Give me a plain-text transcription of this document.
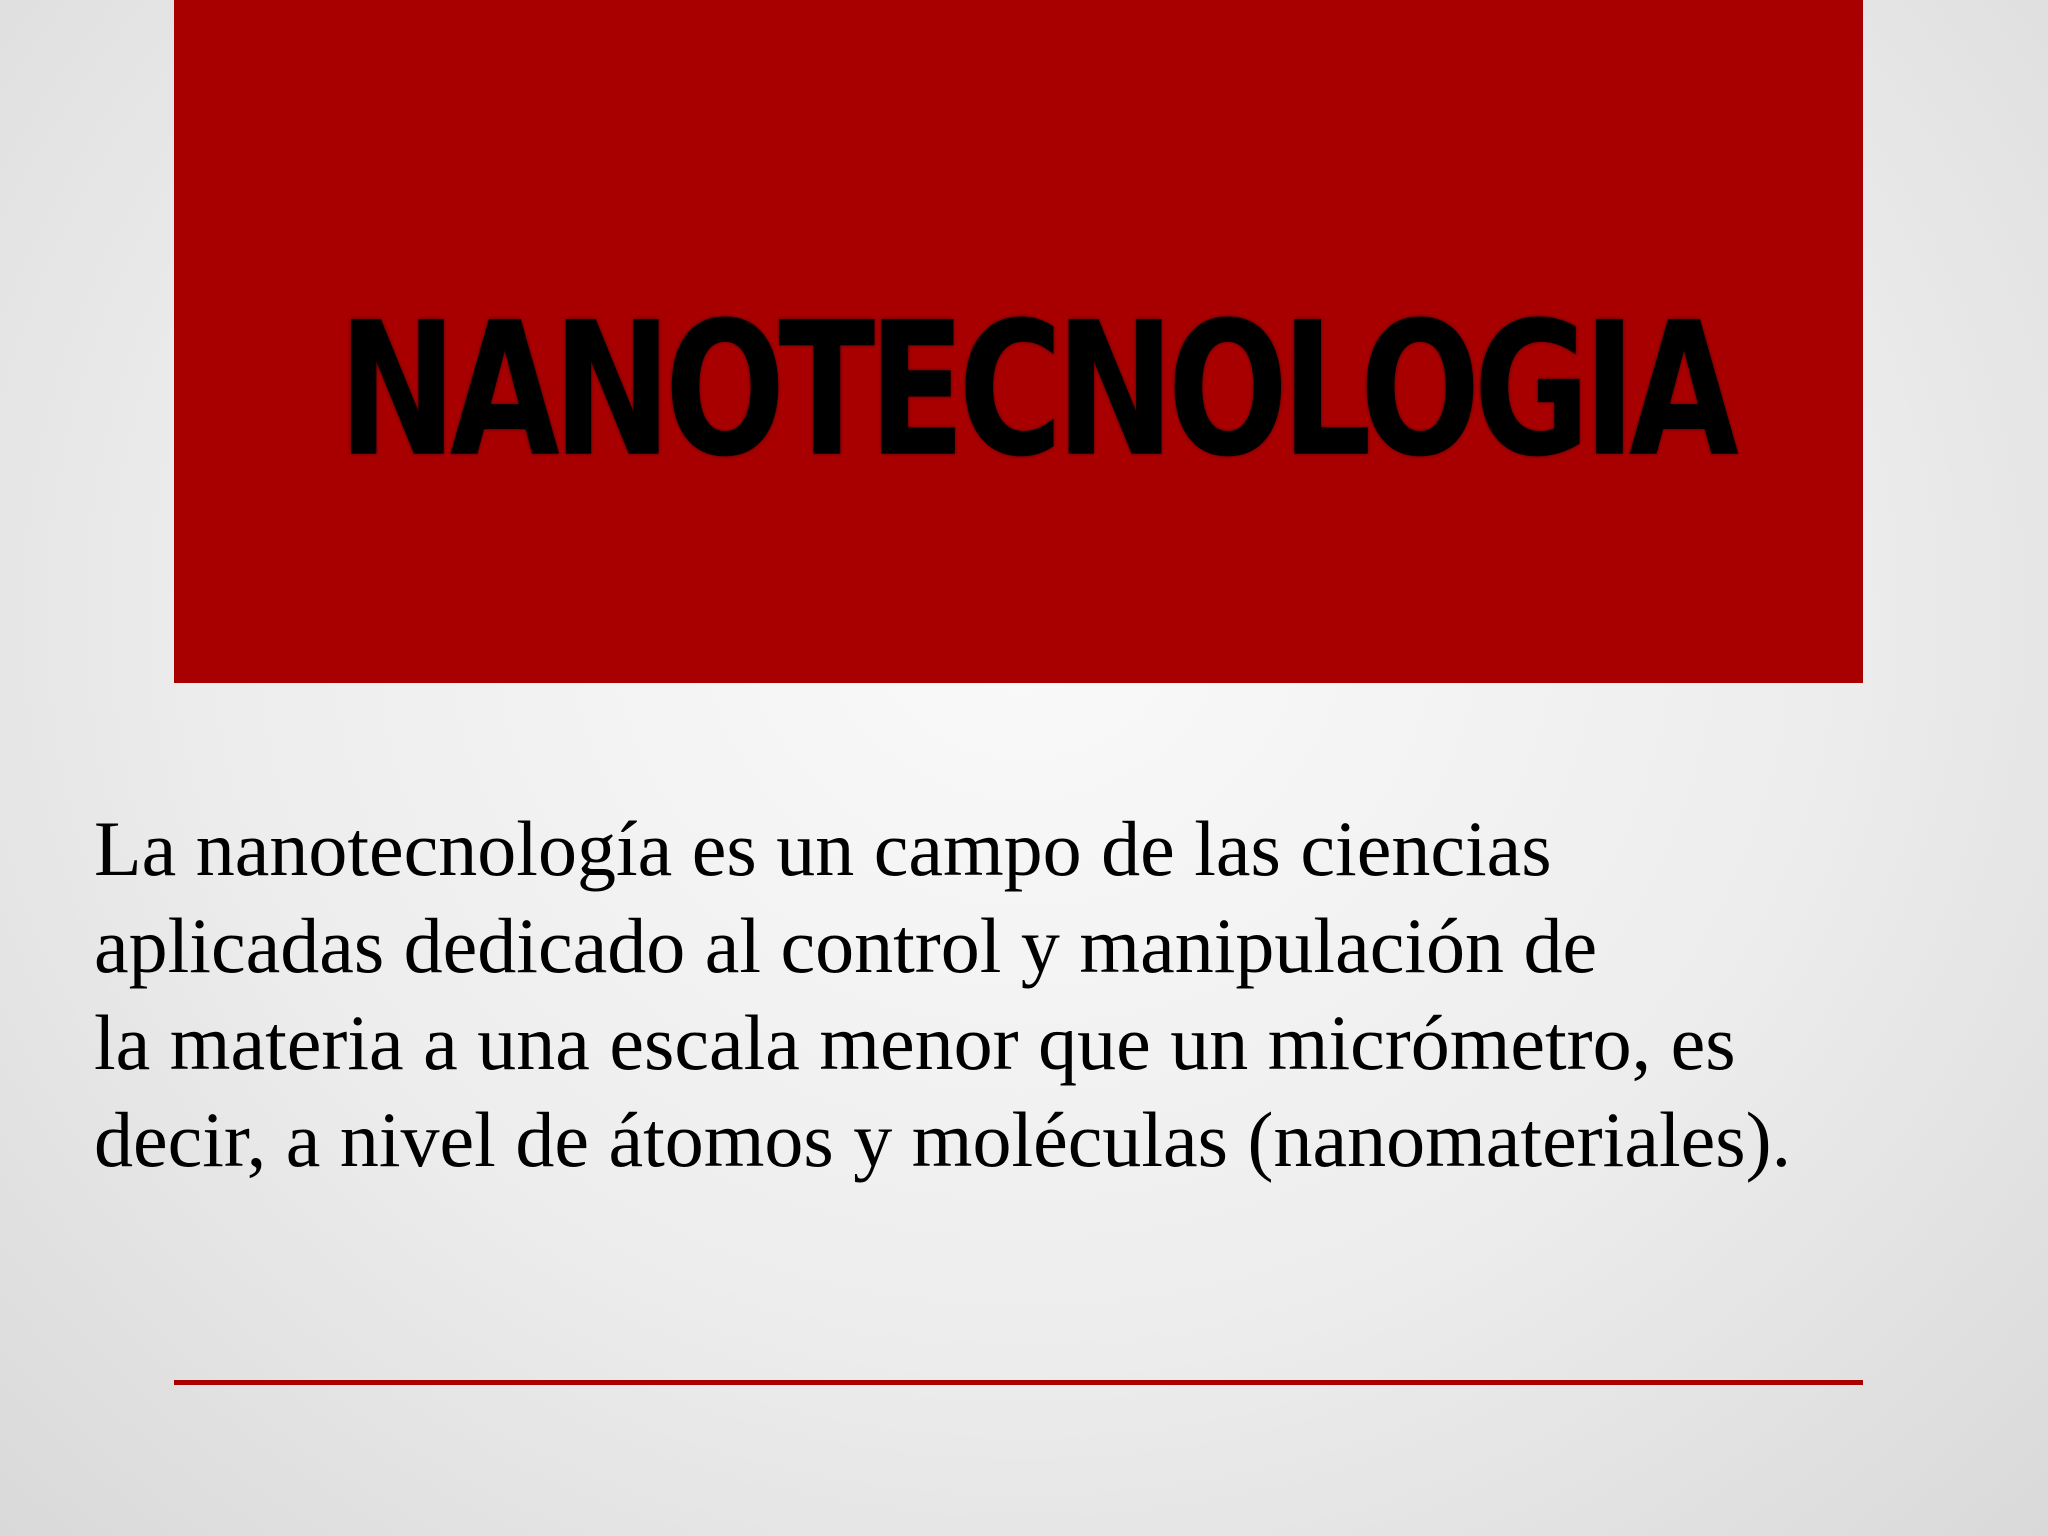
NANOTECNOLOGIA

La nanotecnología es un campo de las ciencias
aplicadas dedicado al control y manipulación de
la materia a una escala menor que un micrómetro, es
decir, a nivel de átomos y moléculas (nanomateriales).
